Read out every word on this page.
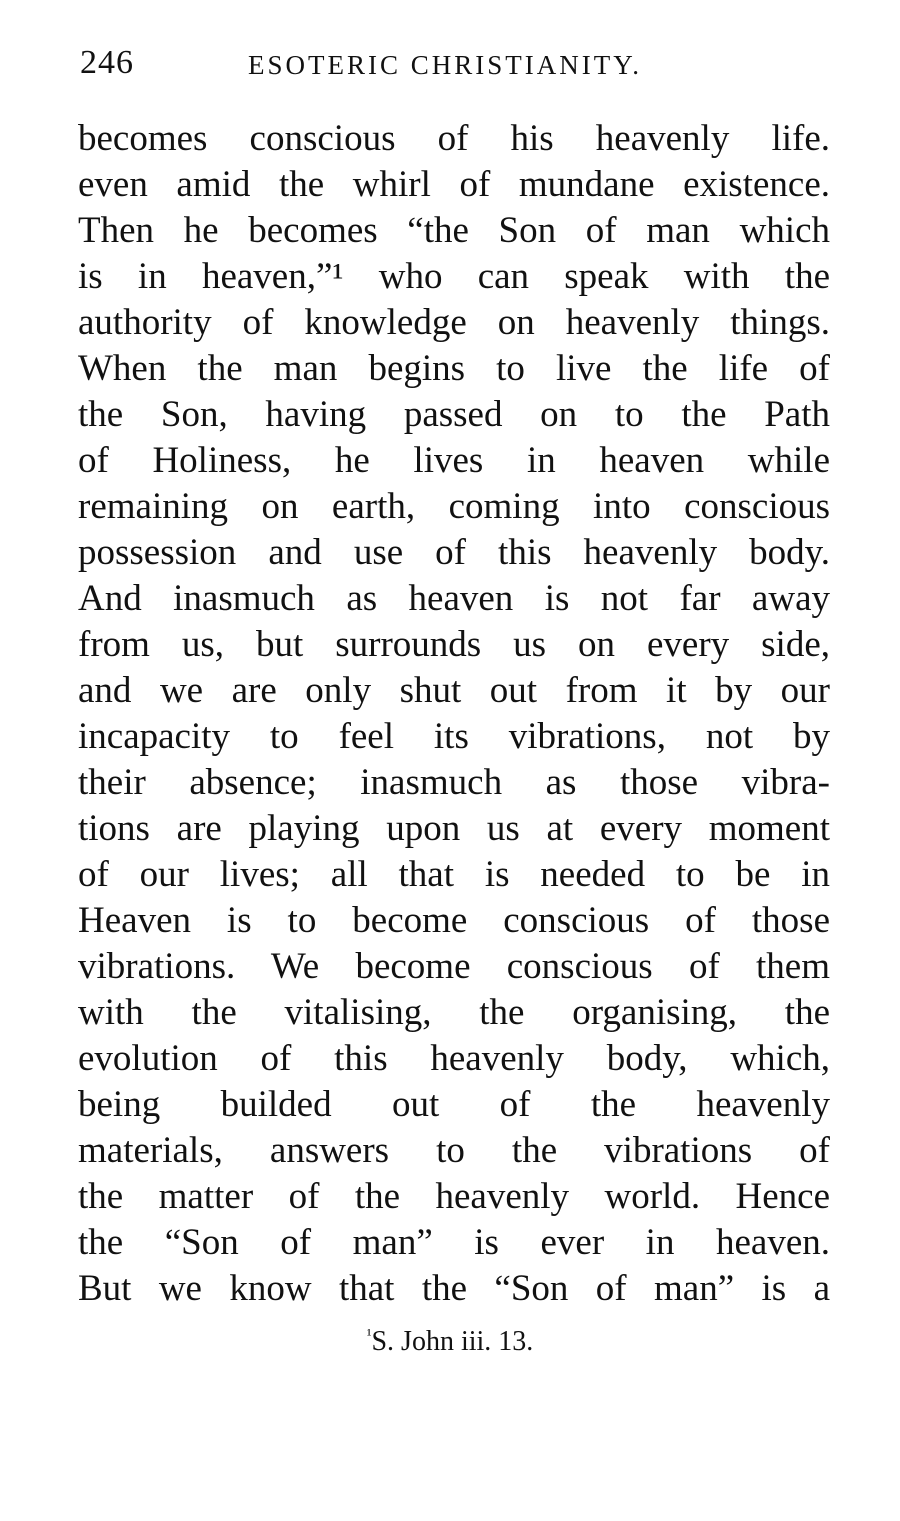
246	ESOTERIC CHRISTIANITY.
becomes conscious of his heavenly life.
even amid the whirl of mundane existence.
Then he becomes “the Son of man which
is in heaven,”¹ who can speak with the
authority of knowledge on heavenly things.
When the man begins to live the life of
the Son, having passed on to the Path
of Holiness, he lives in heaven while
remaining on earth, coming into conscious
possession and use of this heavenly body.
And inasmuch as heaven is not far away
from us, but surrounds us on every side,
and we are only shut out from it by our
incapacity to feel its vibrations, not by
their absence; inasmuch as those vibra-
tions are playing upon us at every moment
of our lives; all that is needed to be in
Heaven is to become conscious of those
vibrations. We become conscious of them
with the vitalising, the organising, the
evolution of this heavenly body, which,
being builded out of the heavenly
materials, answers to the vibrations of
the matter of the heavenly world. Hence
the “Son of man” is ever in heaven.
But we know that the “Son of man” is a
$^{^1}$S. John iii. 13.
